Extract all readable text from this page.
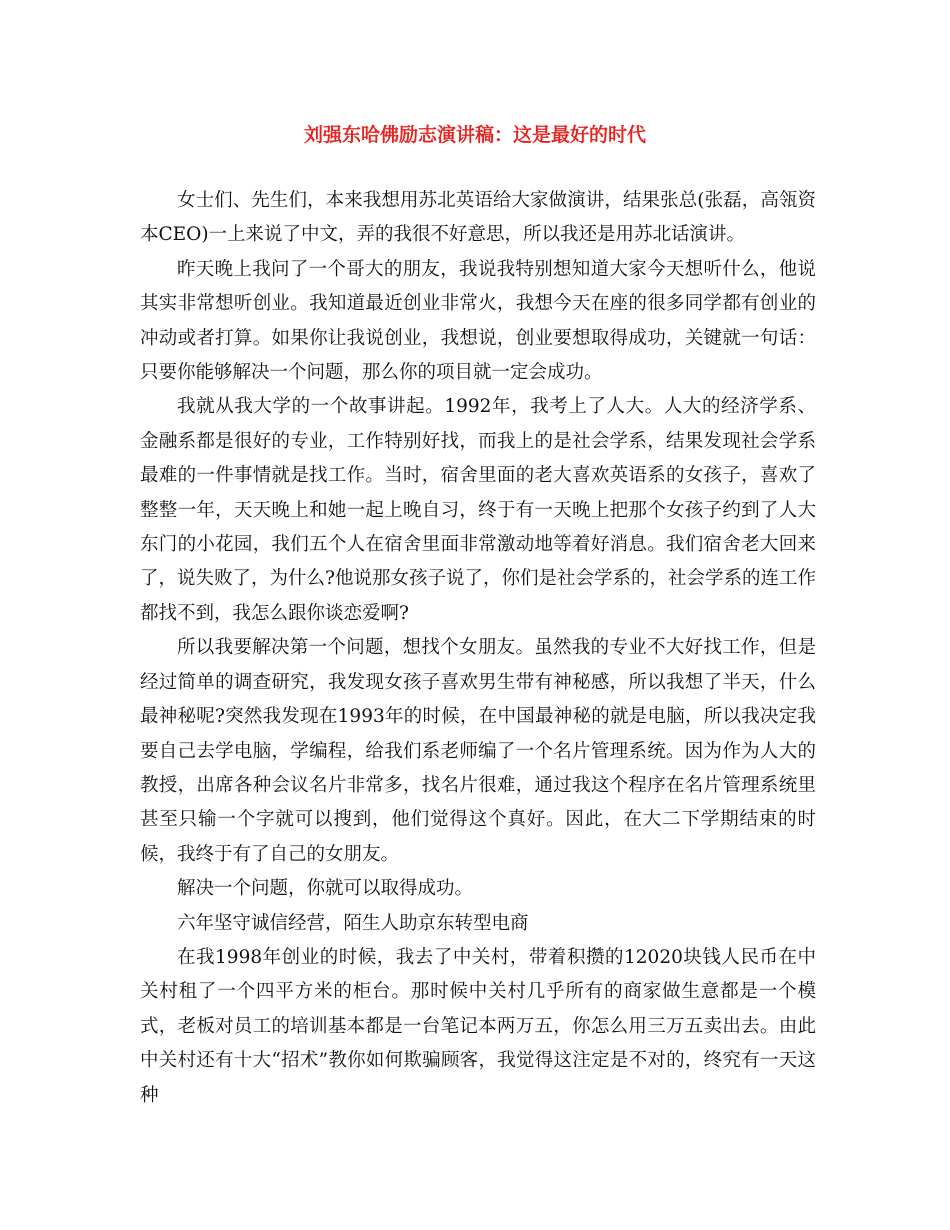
刘强东哈佛励志演讲稿：这是最好的时代

女士们、先生们，本来我想用苏北英语给大家做演讲，结果张总(张磊，高瓴资本CEO)一上来说了中文，弄的我很不好意思，所以我还是用苏北话演讲。

昨天晚上我问了一个哥大的朋友，我说我特别想知道大家今天想听什么，他说其实非常想听创业。我知道最近创业非常火，我想今天在座的很多同学都有创业的冲动或者打算。如果你让我说创业，我想说，创业要想取得成功，关键就一句话：只要你能够解决一个问题，那么你的项目就一定会成功。

我就从我大学的一个故事讲起。1992年，我考上了人大。人大的经济学系、金融系都是很好的专业，工作特别好找，而我上的是社会学系，结果发现社会学系最难的一件事情就是找工作。当时，宿舍里面的老大喜欢英语系的女孩子，喜欢了整整一年，天天晚上和她一起上晚自习，终于有一天晚上把那个女孩子约到了人大东门的小花园，我们五个人在宿舍里面非常激动地等着好消息。我们宿舍老大回来了，说失败了，为什么?他说那女孩子说了，你们是社会学系的，社会学系的连工作都找不到，我怎么跟你谈恋爱啊?

所以我要解决第一个问题，想找个女朋友。虽然我的专业不大好找工作，但是经过简单的调查研究，我发现女孩子喜欢男生带有神秘感，所以我想了半天，什么最神秘呢?突然我发现在1993年的时候，在中国最神秘的就是电脑，所以我决定我要自己去学电脑，学编程，给我们系老师编了一个名片管理系统。因为作为人大的教授，出席各种会议名片非常多，找名片很难，通过我这个程序在名片管理系统里甚至只输一个字就可以搜到，他们觉得这个真好。因此，在大二下学期结束的时候，我终于有了自己的女朋友。

解决一个问题，你就可以取得成功。

六年坚守诚信经营，陌生人助京东转型电商

在我1998年创业的时候，我去了中关村，带着积攒的12020块钱人民币在中关村租了一个四平方米的柜台。那时候中关村几乎所有的商家做生意都是一个模式，老板对员工的培训基本都是一台笔记本两万五，你怎么用三万五卖出去。由此中关村还有十大“招术”教你如何欺骗顾客，我觉得这注定是不对的，终究有一天这种
